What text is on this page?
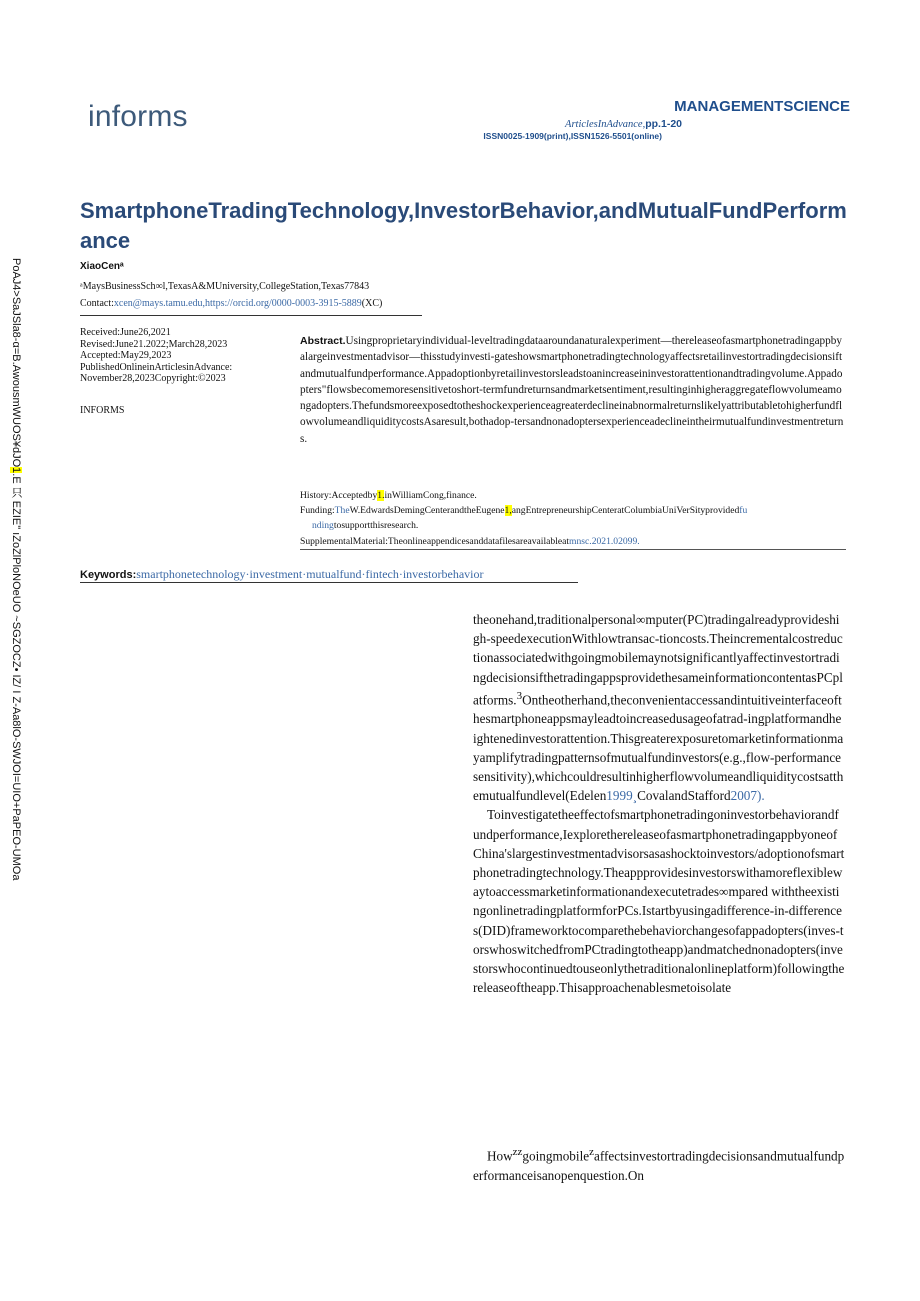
informs	MANAGEMENTSCIENCE
ArticlesInAdvance,pp.1-20
ISSN0025-1909(print),ISSN1526-5501(online)
SmartphoneTradingTechnology,InvestorBehavior,andMutualFundPerformance
XiaoCenᵃ
ᵃMaysBusinessSch∞l,TexasA&MUniversity,CollegeStation,Texas77843
Contact:xcen@mays.tamu.edu,https://orcid.org/0000-0003-3915-5889(XC)
Received:June26,2021
Revised:June21.2022;March28,2023
Accepted:May29,2023
PublishedOnlineinArticlesinAdvance:
November28,2023Copyright:©2023
INFORMS
Abstract.Usingproprietaryindividual-leveltradingdataaroundanaturalexperiment—thereleaseofasmartphonetradingappbyalargeinvestmentadvisor—thisstudyinvesti-gateshowsmartphonetradingtechnologyaffectsretailinvestortradingdecisionsiftandmutualfundperformance.Appadoptionbyretailinvestorsleadstoanincreaseininvestorattentionandtradingvolume.Appadopters"flowsbecomemoresensitivetoshort-termfundreturnsandmarketsentiment,resultinginhigheraggregateflowvolumeamongadopters.ThefundsmoreexposedtotheshockexperienceagreaterdeclineinabnormalreturnslikelyattributabletohigherfundflowvolumeandliquiditycostsAsaresult,bothadop-tersandnonadoptersexperienceadeclineintheirmutualfundinvestmentreturns.
History:Acceptedby1.inWilliamCong,finance.
Funding:TheW.EdwardsDemingCenterandtheEugene1,angEntrepreneurshipCenteratColumbiaUniVerSityprovidedfu
ndingtosupportthisresearch.
SupplementalMaterial:Theonlineappendicesanddatafilesareavailableatmnsc.2021.02099.
Keywords:smartphonetechnology·investment·mutualfund·fintech·investorbehavior

theonehand,traditionalpersonal∞mputer(PC)tradingalreadyprovideshigh-speedexecutionWithlowtransac-tioncosts.TheincrementalcostreductionassociatedwithgoingmobilemaynotsignificantlyaffectinvestortradingdecisionsifthetradingappsprovidethesameinformationcontentasPCplatforms.$^3$Ontheotherhand,theconvenientaccessandintuitiveinterfaceofthesmartphoneappsmayleadtoincreasedusageofatrad-ingplatformandheightenedinvestorattention.Thisgreaterexposuretomarketinformationmayamplifytradingpatternsofmutualfundinvestors(e.g.,flow-performancesensitivity),whichcouldresultinhigherflowvolumeandliquiditycostsatthemutualfundlevel(Edelen1999¸CovalandStafford2007).

Toinvestigatetheeffectofsmartphonetradingoninvestorbehaviorandfundperformance,IexplorethereleaseofasmartphonetradingappbyoneofChina'slargestinvestmentadvisorsasashocktoinvestors/adoptionofsmartphonetradingtechnology.Theappprovidesinvestorswithamoreflexiblewaytoaccessmarketinformationandexecutetrades∞mpared withtheexistingonlinetradingplatformforPCs.Istartbyusingadifference-in-differences(DID)frameworktocomparethebehaviorchangesofappadopters(inves-torswhoswitchedfromPCtradingtotheapp)andmatchednonadopters(investorswhocontinuedtouseonlythetraditionalonlineplatform)followingthereleaseoftheapp.Thisapproachenablesmetoisolate

How$^{zz}$goingmobile$^z$affectsinvestortradingdecisionsandmutualfundperformanceisanopenquestion.On
PoAJ4>SaJSla8-α=B.AwousmWUOS¥dJO1.E 只 EZIE" ıZoZlPloNOeUO ~SGZOCZ• IZ/ I Z-Aa8lO-SWJOI=UIO+PaPEO-UMOa
